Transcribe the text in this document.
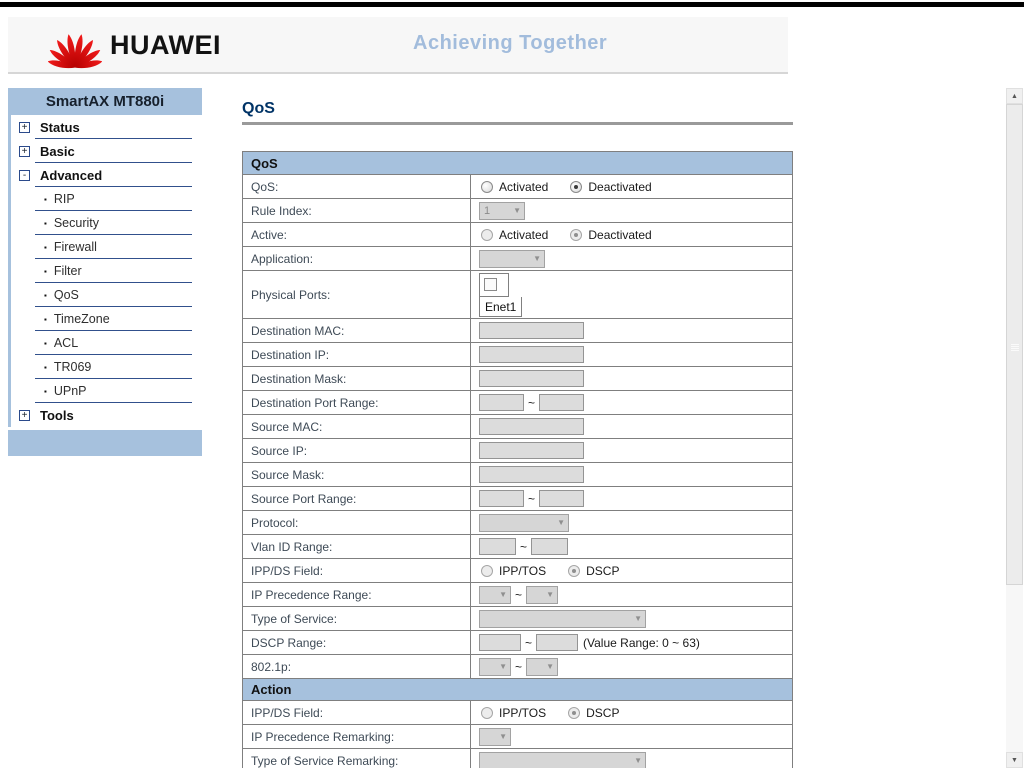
HUAWEI	Achieving Together
SmartAX MT880i
+ Status
+ Basic
- Advanced
▪ RIP
▪ Security
▪ Firewall
▪ Filter
▪ QoS
▪ TimeZone
▪ ACL
▪ TR069
▪ UPnP
+ Tools
QoS
QoS
QoS:	Activated	Deactivated
Rule Index:	1	▼
Active:	Activated	Deactivated
Application:	▼
Physical Ports:
Enet1
Destination MAC:
Destination IP:
Destination Mask:
Destination Port Range:	~
Source MAC:
Source IP:
Source Mask:
Source Port Range:	~
Protocol:	▼
Vlan ID Range:	~
IPP/DS Field:	IPP/TOS	DSCP
IP Precedence Range:	▼ ~	▼
Type of Service:	▼
DSCP Range:	~	(Value Range: 0 ~ 63)
802.1p:	▼ ~	▼
Action
IPP/DS Field:	IPP/TOS	DSCP
IP Precedence Remarking:	▼
Type of Service Remarking:	▼
▲
▼
